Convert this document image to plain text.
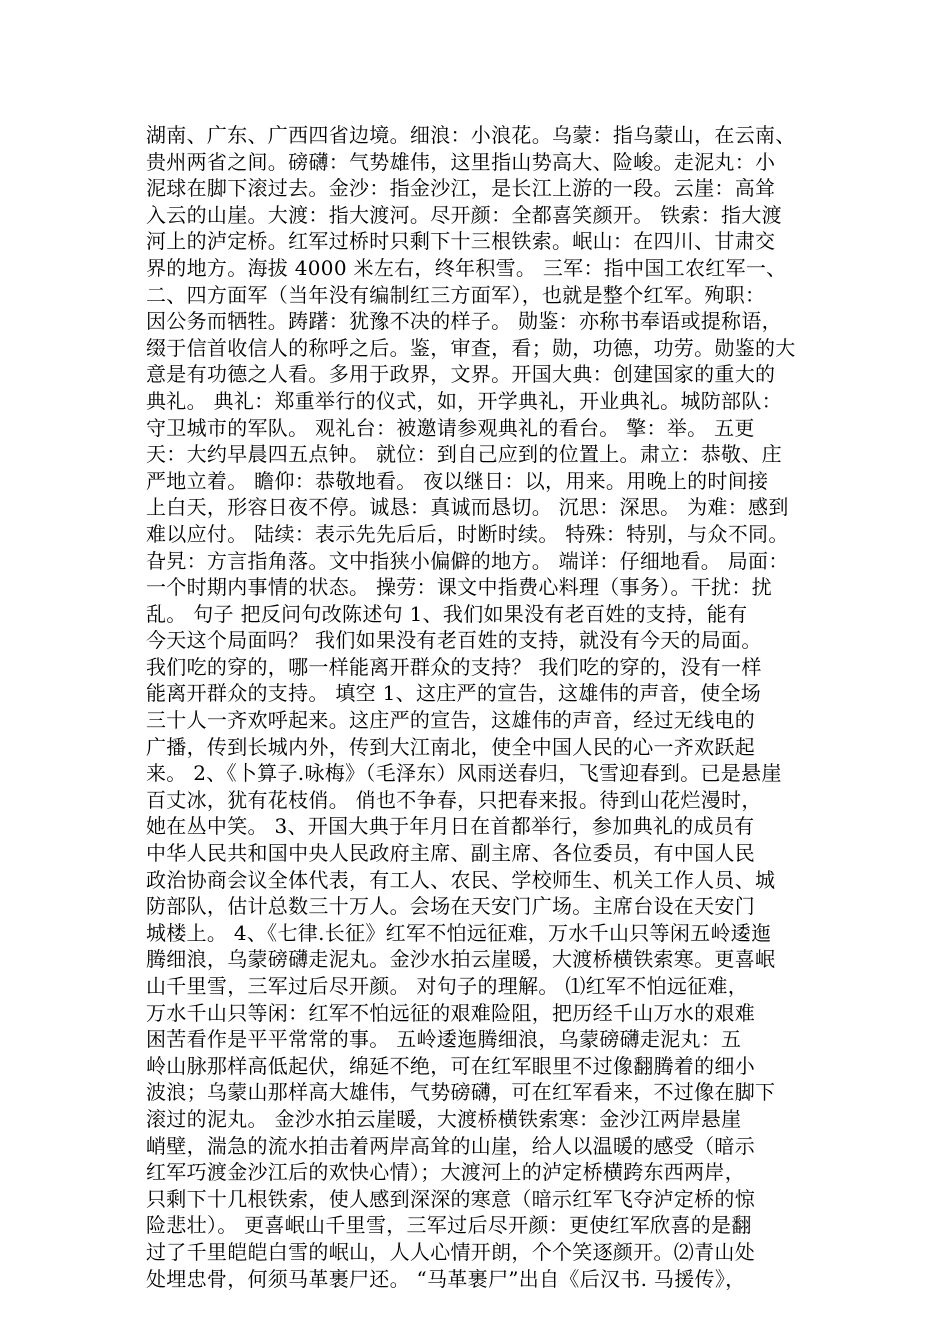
湖南、广东、广西四省边境。细浪：小浪花。乌蒙：指乌蒙山，在云南、
贵州两省之间。磅礴：气势雄伟，这里指山势高大、险峻。走泥丸：小
泥球在脚下滚过去。金沙：指金沙江，是长江上游的一段。云崖：高耸
入云的山崖。大渡：指大渡河。尽开颜：全都喜笑颜开。 铁索：指大渡
河上的泸定桥。红军过桥时只剩下十三根铁索。岷山：在四川、甘肃交
界的地方。海拔 4000 米左右，终年积雪。 三军：指中国工农红军一、
二、四方面军（当年没有编制红三方面军），也就是整个红军。殉职：
因公务而牺牲。踌躇：犹豫不决的样子。 勋鉴：亦称书奉语或提称语，
缀于信首收信人的称呼之后。鉴，审查，看；勋，功德，功劳。勋鉴的大
意是有功德之人看。多用于政界，文界。开国大典：创建国家的重大的
典礼。 典礼：郑重举行的仪式，如，开学典礼，开业典礼。城防部队：
守卫城市的军队。 观礼台：被邀请参观典礼的看台。 擎：举。 五更
天：大约早晨四五点钟。 就位：到自己应到的位置上。肃立：恭敬、庄
严地立着。 瞻仰：恭敬地看。 夜以继日：以，用来。用晚上的时间接
上白天，形容日夜不停。诚恳：真诚而恳切。 沉思：深思。 为难：感到
难以应付。 陆续：表示先先后后，时断时续。 特殊：特别，与众不同。
旮旯：方言指角落。文中指狭小偏僻的地方。 端详：仔细地看。 局面：
一个时期内事情的状态。 操劳：课文中指费心料理（事务）。干扰：扰
乱。 句子 把反问句改陈述句 1、我们如果没有老百姓的支持，能有
今天这个局面吗？ 我们如果没有老百姓的支持，就没有今天的局面。
我们吃的穿的，哪一样能离开群众的支持？ 我们吃的穿的，没有一样
能离开群众的支持。 填空 1、这庄严的宣告，这雄伟的声音，使全场
三十人一齐欢呼起来。这庄严的宣告，这雄伟的声音，经过无线电的
广播，传到长城内外，传到大江南北，使全中国人民的心一齐欢跃起
来。 2、《卜算子.咏梅》（毛泽东）风雨送春归，飞雪迎春到。已是悬崖
百丈冰，犹有花枝俏。 俏也不争春，只把春来报。待到山花烂漫时，
她在丛中笑。 3、开国大典于年月日在首都举行，参加典礼的成员有
中华人民共和国中央人民政府主席、副主席、各位委员，有中国人民
政治协商会议全体代表，有工人、农民、学校师生、机关工作人员、城
防部队，估计总数三十万人。会场在天安门广场。主席台设在天安门
城楼上。 4、《七律.长征》红军不怕远征难，万水千山只等闲五岭逶迤
腾细浪，乌蒙磅礴走泥丸。金沙水拍云崖暖，大渡桥横铁索寒。更喜岷
山千里雪，三军过后尽开颜。 对句子的理解。 ⑴红军不怕远征难，
万水千山只等闲：红军不怕远征的艰难险阻，把历经千山万水的艰难
困苦看作是平平常常的事。 五岭逶迤腾细浪，乌蒙磅礴走泥丸：五
岭山脉那样高低起伏，绵延不绝，可在红军眼里不过像翻腾着的细小
波浪；乌蒙山那样高大雄伟，气势磅礴，可在红军看来，不过像在脚下
滚过的泥丸。 金沙水拍云崖暖，大渡桥横铁索寒：金沙江两岸悬崖
峭壁，湍急的流水拍击着两岸高耸的山崖，给人以温暖的感受（暗示
红军巧渡金沙江后的欢快心情）；大渡河上的泸定桥横跨东西两岸，
只剩下十几根铁索，使人感到深深的寒意（暗示红军飞夺泸定桥的惊
险悲壮）。 更喜岷山千里雪，三军过后尽开颜：更使红军欣喜的是翻
过了千里皑皑白雪的岷山，人人心情开朗，个个笑逐颜开。⑵青山处
处埋忠骨，何须马革裹尸还。 “马革裹尸”出自《后汉书. 马援传》，
